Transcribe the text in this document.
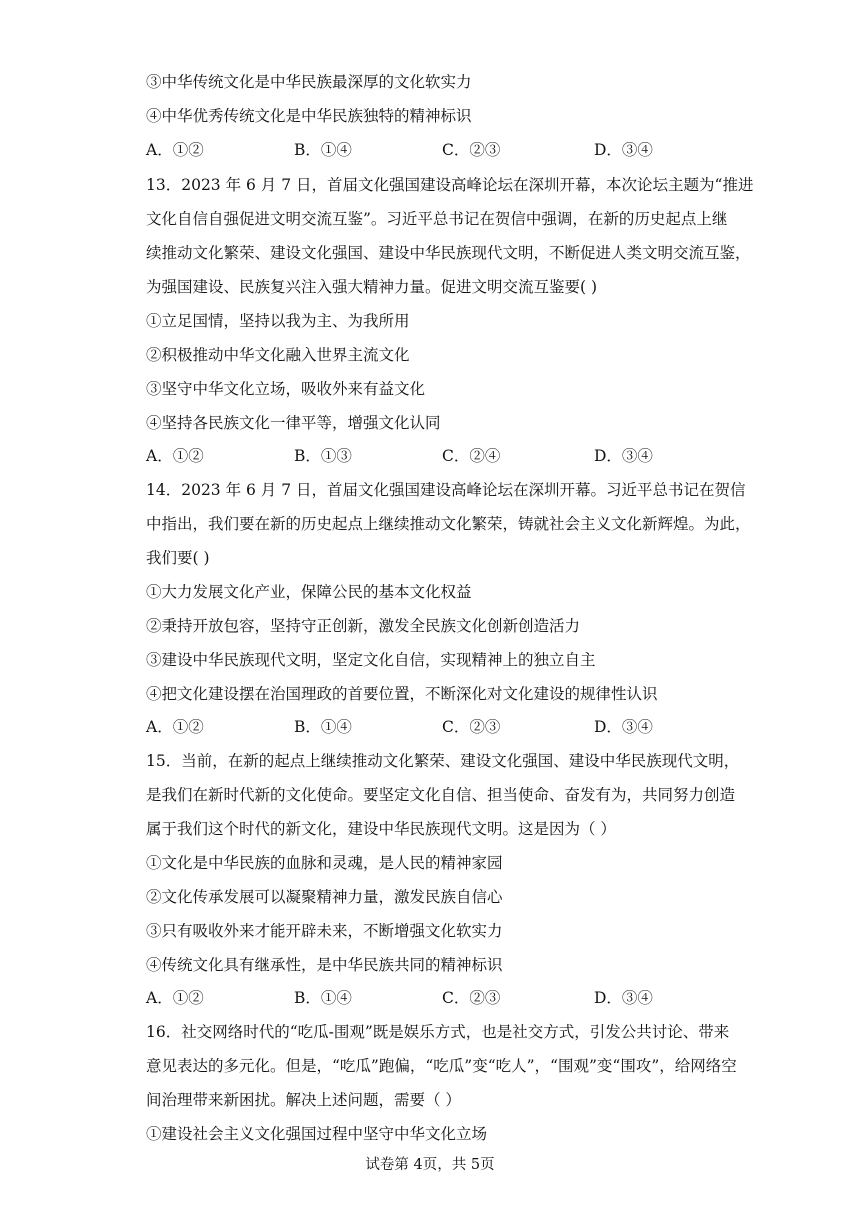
③中华传统文化是中华民族最深厚的文化软实力
④中华优秀传统文化是中华民族独特的精神标识
A．①②	B．①④	C．②③	D．③④
13．2023 年 6 月 7 日，首届文化强国建设高峰论坛在深圳开幕，本次论坛主题为“推进
文化自信自强促进文明交流互鉴”。习近平总书记在贺信中强调，在新的历史起点上继
续推动文化繁荣、建设文化强国、建设中华民族现代文明，不断促进人类文明交流互鉴，
为强国建设、民族复兴注入强大精神力量。促进文明交流互鉴要( )
①立足国情，坚持以我为主、为我所用
②积极推动中华文化融入世界主流文化
③坚守中华文化立场，吸收外来有益文化
④坚持各民族文化一律平等，增强文化认同
A．①②	B．①③	C．②④	D．③④
14．2023 年 6 月 7 日，首届文化强国建设高峰论坛在深圳开幕。习近平总书记在贺信
中指出，我们要在新的历史起点上继续推动文化繁荣，铸就社会主义文化新辉煌。为此，
我们要( )
①大力发展文化产业，保障公民的基本文化权益
②秉持开放包容，坚持守正创新，激发全民族文化创新创造活力
③建设中华民族现代文明，坚定文化自信，实现精神上的独立自主
④把文化建设摆在治国理政的首要位置，不断深化对文化建设的规律性认识
A．①②	B．①④	C．②③	D．③④
15．当前，在新的起点上继续推动文化繁荣、建设文化强国、建设中华民族现代文明，
是我们在新时代新的文化使命。要坚定文化自信、担当使命、奋发有为，共同努力创造
属于我们这个时代的新文化，建设中华民族现代文明。这是因为（ ）
①文化是中华民族的血脉和灵魂，是人民的精神家园
②文化传承发展可以凝聚精神力量，激发民族自信心
③只有吸收外来才能开辟未来，不断增强文化软实力
④传统文化具有继承性，是中华民族共同的精神标识
A．①②	B．①④	C．②③	D．③④
16．社交网络时代的“吃瓜-围观”既是娱乐方式，也是社交方式，引发公共讨论、带来
意见表达的多元化。但是，“吃瓜”跑偏，“吃瓜”变“吃人”，“围观”变“围攻”，给网络空
间治理带来新困扰。解决上述问题，需要（ ）
①建设社会主义文化强国过程中坚守中华文化立场
试卷第 4页，共 5页
